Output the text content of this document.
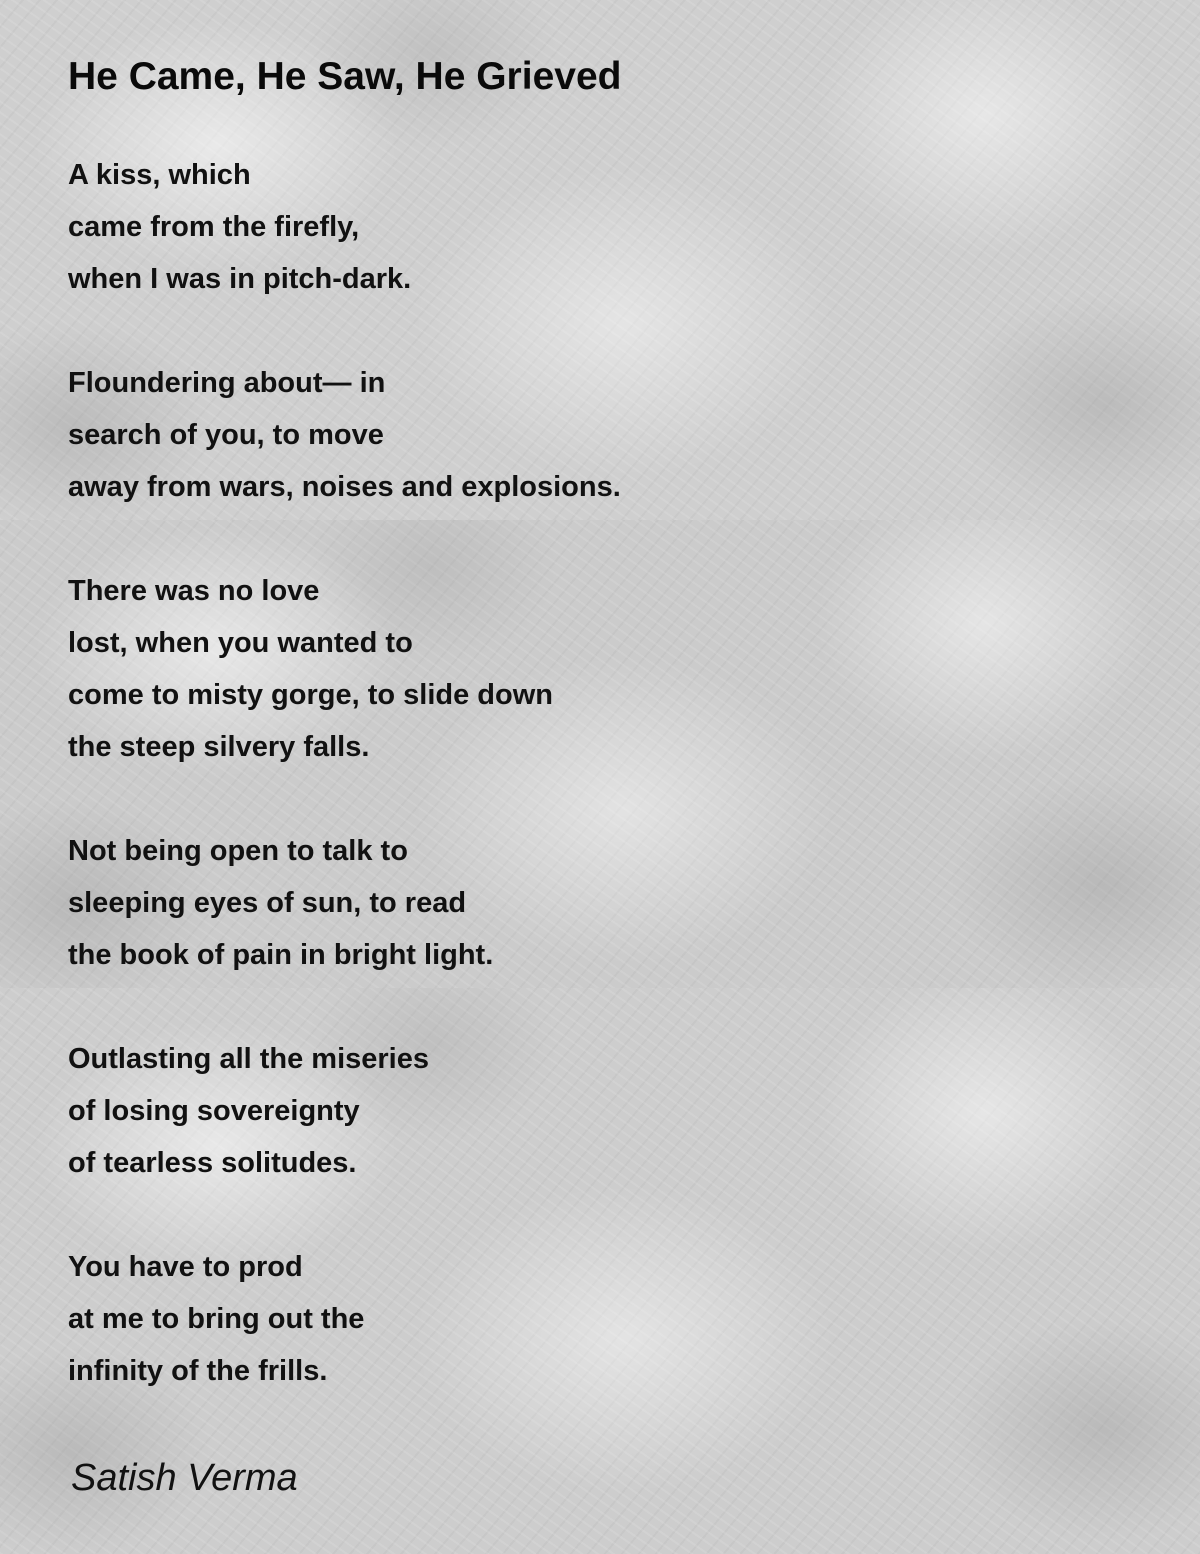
He Came, He Saw, He Grieved
A kiss, which
came from the firefly,
when I was in pitch-dark.
Floundering about— in
search of you, to move
away from wars, noises and explosions.
There was no love
lost, when you wanted to
come to misty gorge, to slide down
the steep silvery falls.
Not being open to talk to
sleeping eyes of sun, to read
the book of pain in bright light.
Outlasting all the miseries
of losing sovereignty
of tearless solitudes.
You have to prod
at me to bring out the
infinity of the frills.

Satish Verma
